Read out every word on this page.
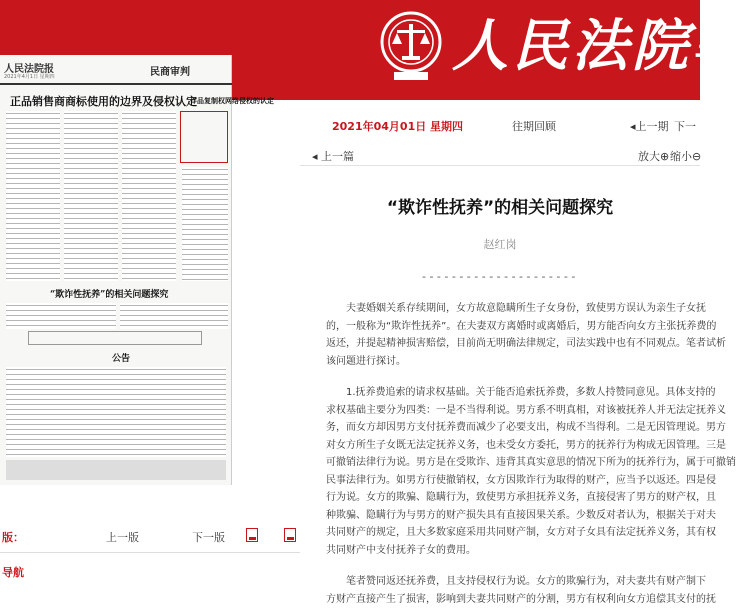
人民法院報
人民法院报
2021年4月1日 星期四	民商审判
正品销售商商标使用的边界及侵权认定
作品复制权网络侵权的认定
“欺诈性抚养”的相关问题探究
公告
版：	上一版	下一版
导航
2021年04月01日 星期四	往期回顾	◂上一期 下一
◂ 上一篇	放大⊕ 缩小⊖
“欺诈性抚养”的相关问题探究
赵红岗
- - - - - - - - - - - - - - - - - - - - -
夫妻婚姻关系存续期间，女方故意隐瞒所生子女身份，致使男方误认为亲生子女抚
的，一般称为“欺诈性抚养”。在夫妻双方离婚时或离婚后，男方能否向女方主张抚养费的
返还，并提起精神损害赔偿，目前尚无明确法律规定，司法实践中也有不同观点。笔者试析
该问题进行探讨。
1.抚养费追索的请求权基础。关于能否追索抚养费，多数人持赞同意见。具体支持的
求权基础主要分为四类：一是不当得利说。男方系不明真相，对该被抚养人并无法定抚养义
务，而女方却因男方支付抚养费而减少了必要支出，构成不当得利。二是无因管理说。男方
对女方所生子女既无法定抚养义务，也未受女方委托，男方的抚养行为构成无因管理。三是
可撤销法律行为说。男方是在受欺诈、违背其真实意思的情况下所为的抚养行为，属于可撤销
民事法律行为。如男方行使撤销权，女方因欺诈行为取得的财产，应当予以返还。四是侵
行为说。女方的欺骗、隐瞒行为，致使男方承担抚养义务，直接侵害了男方的财产权，且
种欺骗、隐瞒行为与男方的财产损失具有直接因果关系。少数反对者认为，根据关于对夫
共同财产的规定，且大多数家庭采用共同财产制，女方对子女具有法定抚养义务，其有权
共同财产中支付抚养子女的费用。
笔者赞同返还抚养费，且支持侵权行为说。女方的欺骗行为，对夫妻共有财产制下
方财产直接产生了损害，影响到夫妻共同财产的分割，男方有权利向女方追偿其支付的抚
